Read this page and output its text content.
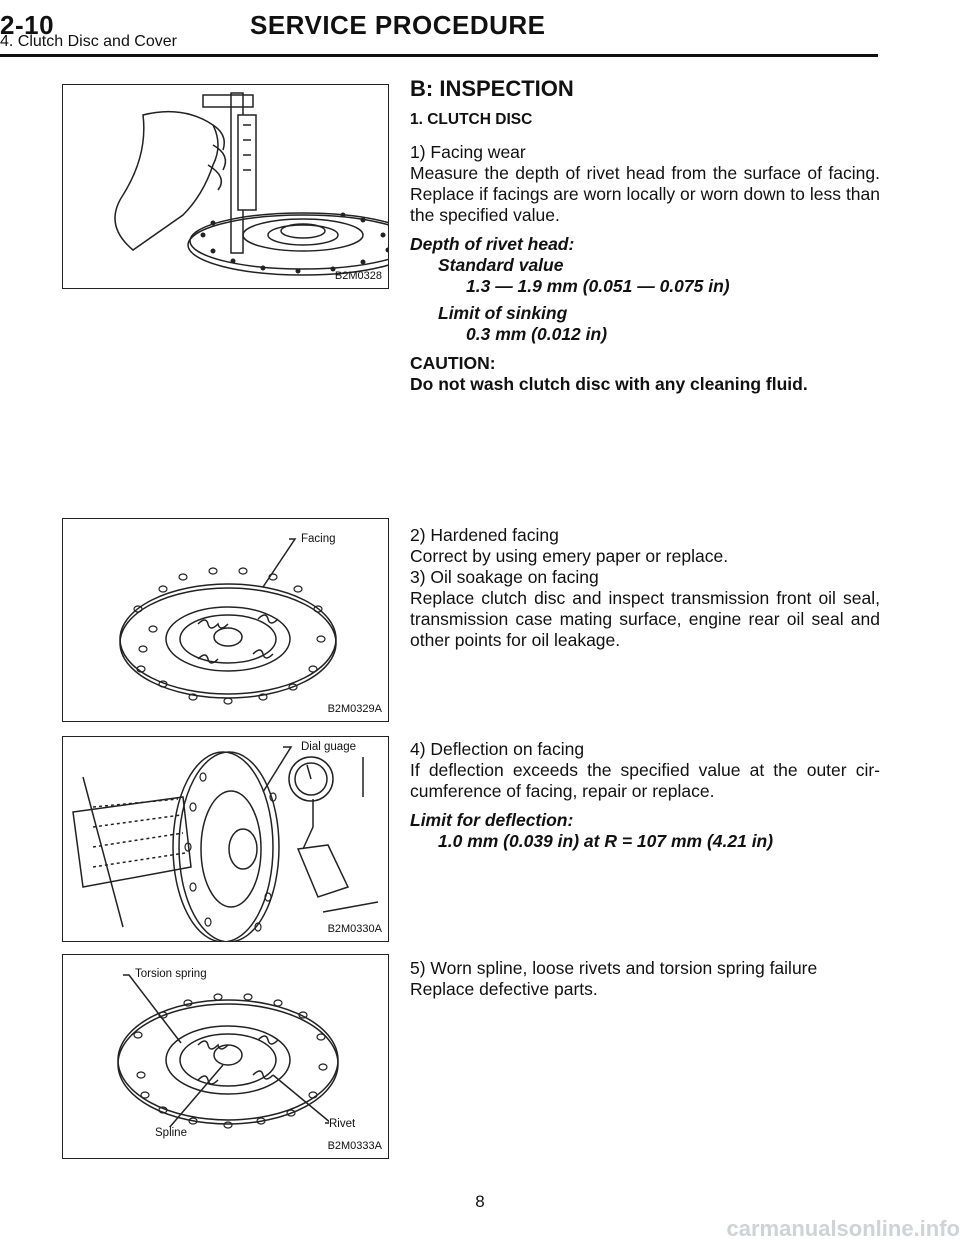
2-10	SERVICE PROCEDURE
4. Clutch Disc and Cover
B2M0328
B: INSPECTION
1. CLUTCH DISC

1) Facing wear

Measure the depth of rivet head from the surface of facing. Replace if facings are worn locally or worn down to less than the specified value.

Depth of rivet head:
Standard value
1.3 — 1.9 mm (0.051 — 0.075 in)
Limit of sinking
0.3 mm (0.012 in)
CAUTION:
Do not wash clutch disc with any cleaning fluid.
Facing
B2M0329A

2) Hardened facing

Correct by using emery paper or replace.

3) Oil soakage on facing

Replace clutch disc and inspect transmission front oil seal, transmission case mating surface, engine rear oil seal and other points for oil leakage.

Dial guage
B2M0330A

4) Deflection on facing

If deflection exceeds the specified value at the outer cir-cumference of facing, repair or replace.

Limit for deflection:
1.0 mm (0.039 in) at R = 107 mm (4.21 in)
Torsion spring
Rivet
Spline
B2M0333A

5) Worn spline, loose rivets and torsion spring failure

Replace defective parts.

8
carmanualsonline.info
